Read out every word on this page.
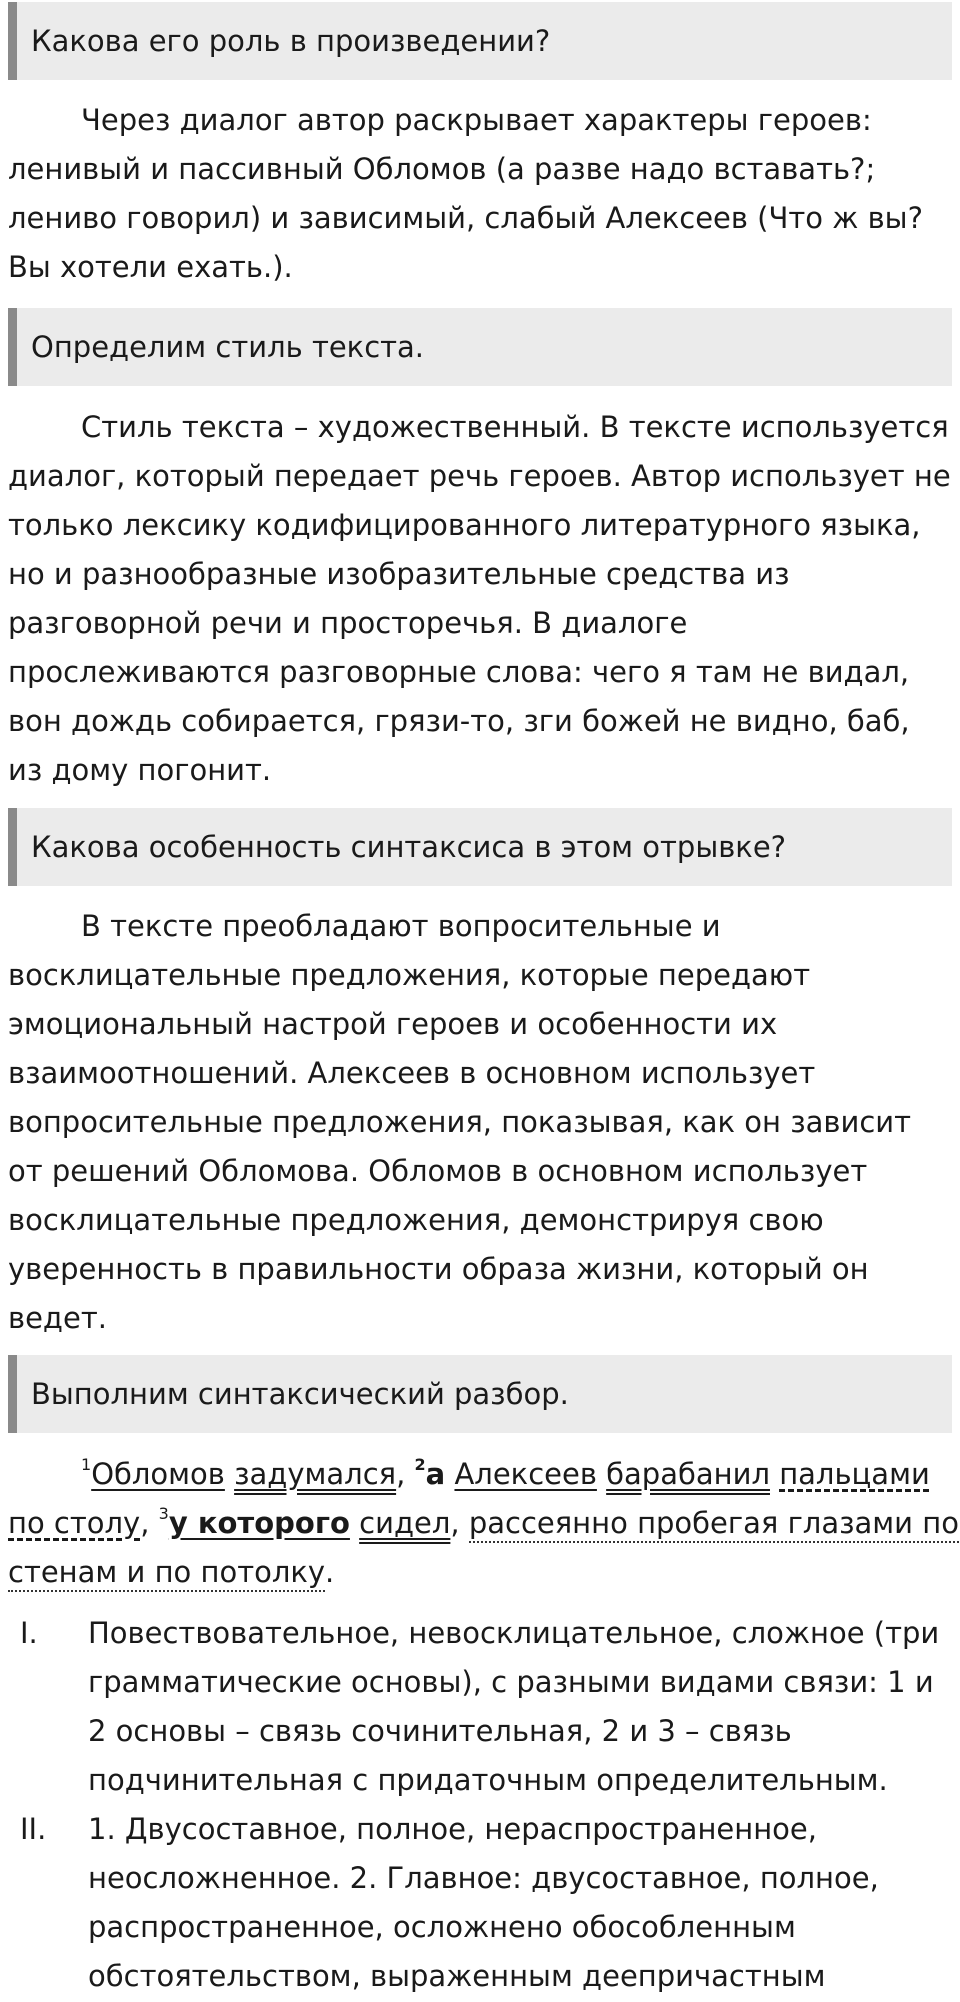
Какова его роль в произведении?
Через диалог автор раскрывает характеры героев:
ленивый и пассивный Обломов (а разве надо вставать?;
лениво говорил) и зависимый, слабый Алексеев (Что ж вы?
Вы хотели ехать.).
Определим стиль текста.
Стиль текста – художественный. В тексте используется
диалог, который передает речь героев. Автор использует не
только лексику кодифицированного литературного языка,
но и разнообразные изобразительные средства из
разговорной речи и просторечья. В диалоге
прослеживаются разговорные слова: чего я там не видал,
вон дождь собирается, грязи-то, зги божей не видно, баб,
из дому погонит.
Какова особенность синтаксиса в этом отрывке?
В тексте преобладают вопросительные и
восклицательные предложения, которые передают
эмоциональный настрой героев и особенности их
взаимоотношений. Алексеев в основном использует
вопросительные предложения, показывая, как он зависит
от решений Обломова. Обломов в основном использует
восклицательные предложения, демонстрируя свою
уверенность в правильности образа жизни, который он
ведет.
Выполним синтаксический разбор.
$^1$Обломов задумался, $^2$а Алексеев барабанил пальцами
по столу, $^3$у которого сидел, рассеянно пробегая глазами по
стенам и по потолку.
I.	Повествовательное, невосклицательное, сложное (три
грамматические основы), с разными видами связи: 1 и
2 основы – связь сочинительная, 2 и 3 – связь
подчинительная с придаточным определительным.
II.	1. Двусоставное, полное, нераспространенное,
неосложненное. 2. Главное: двусоставное, полное,
распространенное, осложнено обособленным
обстоятельством, выраженным деепричастным
